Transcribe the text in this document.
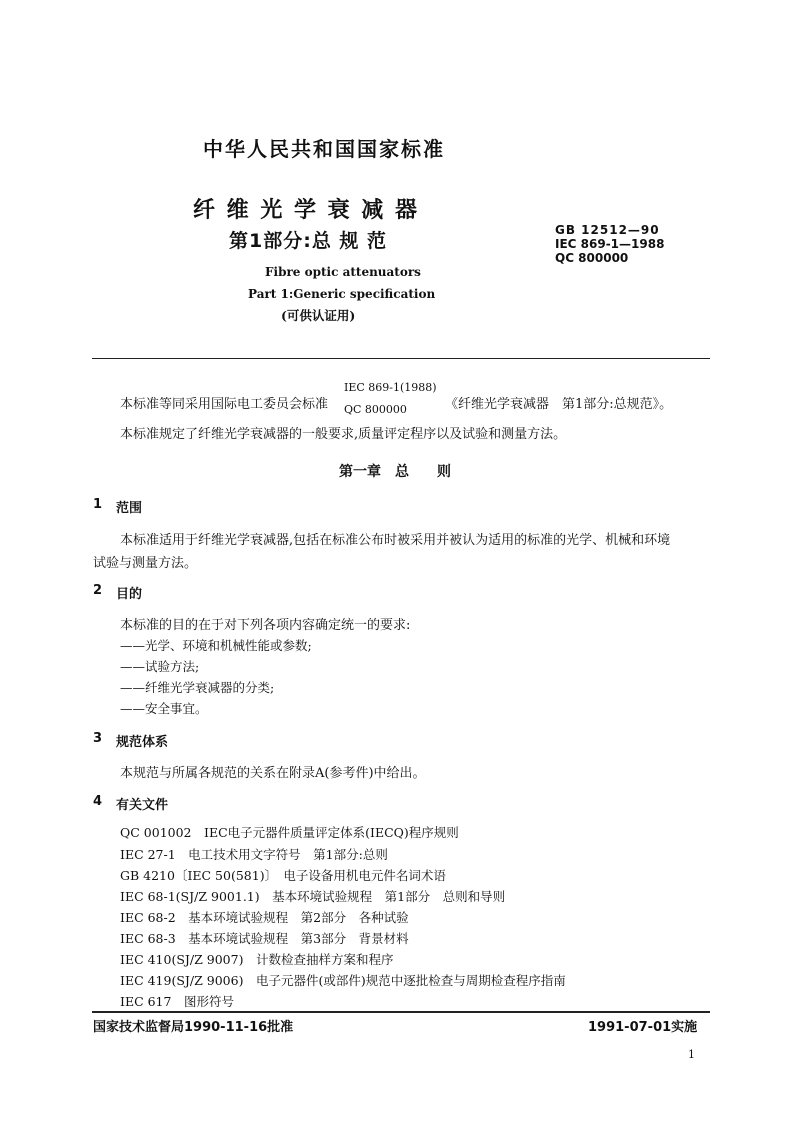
中华人民共和国国家标准
纤 维 光 学 衰 减 器
第1部分:总 规 范	GB 12512—90
IEC 869-1—1988
QC 800000
Fibre optic attenuators
Part 1:Generic specification
(可供认证用)
本标准等同采用国际电工委员会标准
IEC 869-1(1988)
QC 800000	《纤维光学衰减器　第1部分:总规范》。
本标准规定了纤维光学衰减器的一般要求,质量评定程序以及试验和测量方法。
第一章　总　　则
1 范围
本标准适用于纤维光学衰减器,包括在标准公布时被采用并被认为适用的标准的光学、机械和环境
试验与测量方法。
2 目的
本标准的目的在于对下列各项内容确定统一的要求:
——光学、环境和机械性能或参数;
——试验方法;
——纤维光学衰减器的分类;
——安全事宜。
3 规范体系
本规范与所属各规范的关系在附录A(参考件)中给出。
4 有关文件
QC 001002　IEC电子元器件质量评定体系(IECQ)程序规则
IEC 27-1　电工技术用文字符号　第1部分:总则
GB 4210〔IEC 50(581)〕　电子设备用机电元件名词术语
IEC 68-1(SJ/Z 9001.1)　基本环境试验规程　第1部分　总则和导则
IEC 68-2　基本环境试验规程　第2部分　各种试验
IEC 68-3　基本环境试验规程　第3部分　背景材料
IEC 410(SJ/Z 9007)　计数检查抽样方案和程序
IEC 419(SJ/Z 9006)　电子元器件(或部件)规范中逐批检查与周期检查程序指南
IEC 617　图形符号
国家技术监督局1990-11-16批准	1991-07-01实施
1
